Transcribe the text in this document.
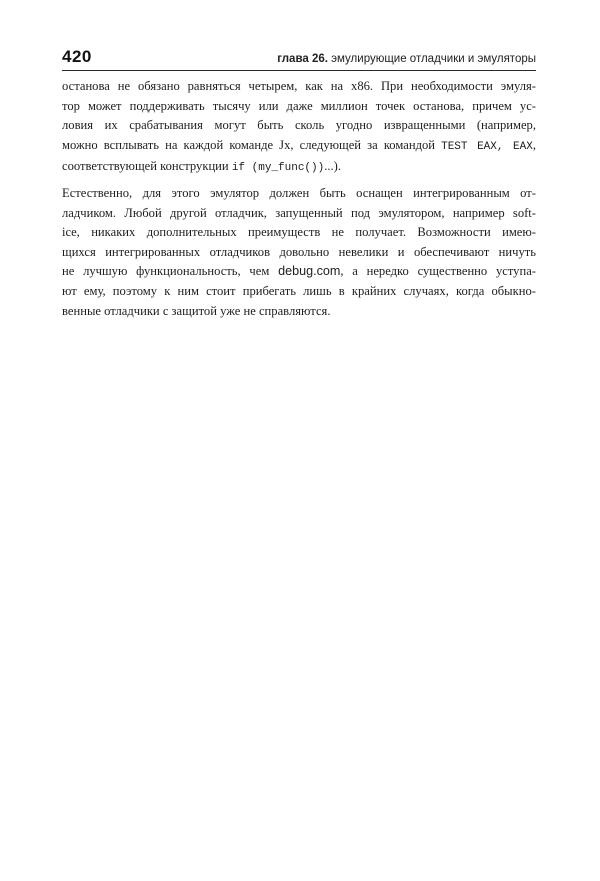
420	глава 26. эмулирующие отладчики и эмуляторы

останова не обязано равняться четырем, как на x86. При необходимости эмуля-
тор может поддерживать тысячу или даже миллион точек останова, причем ус-
ловия их срабатывания могут быть сколь угодно извращенными (например,
можно всплывать на каждой команде Jx, следующей за командой TEST EAX, EAX,
соответствующей конструкции if (my_func())...).

Естественно, для этого эмулятор должен быть оснащен интегрированным от-
ладчиком. Любой другой отладчик, запущенный под эмулятором, например soft-
ice, никаких дополнительных преимуществ не получает. Возможности имею-
щихся интегрированных отладчиков довольно невелики и обеспечивают ничуть
не лучшую функциональность, чем debug.com, а нередко существенно уступа-
ют ему, поэтому к ним стоит прибегать лишь в крайних случаях, когда обыкно-
венные отладчики с защитой уже не справляются.
